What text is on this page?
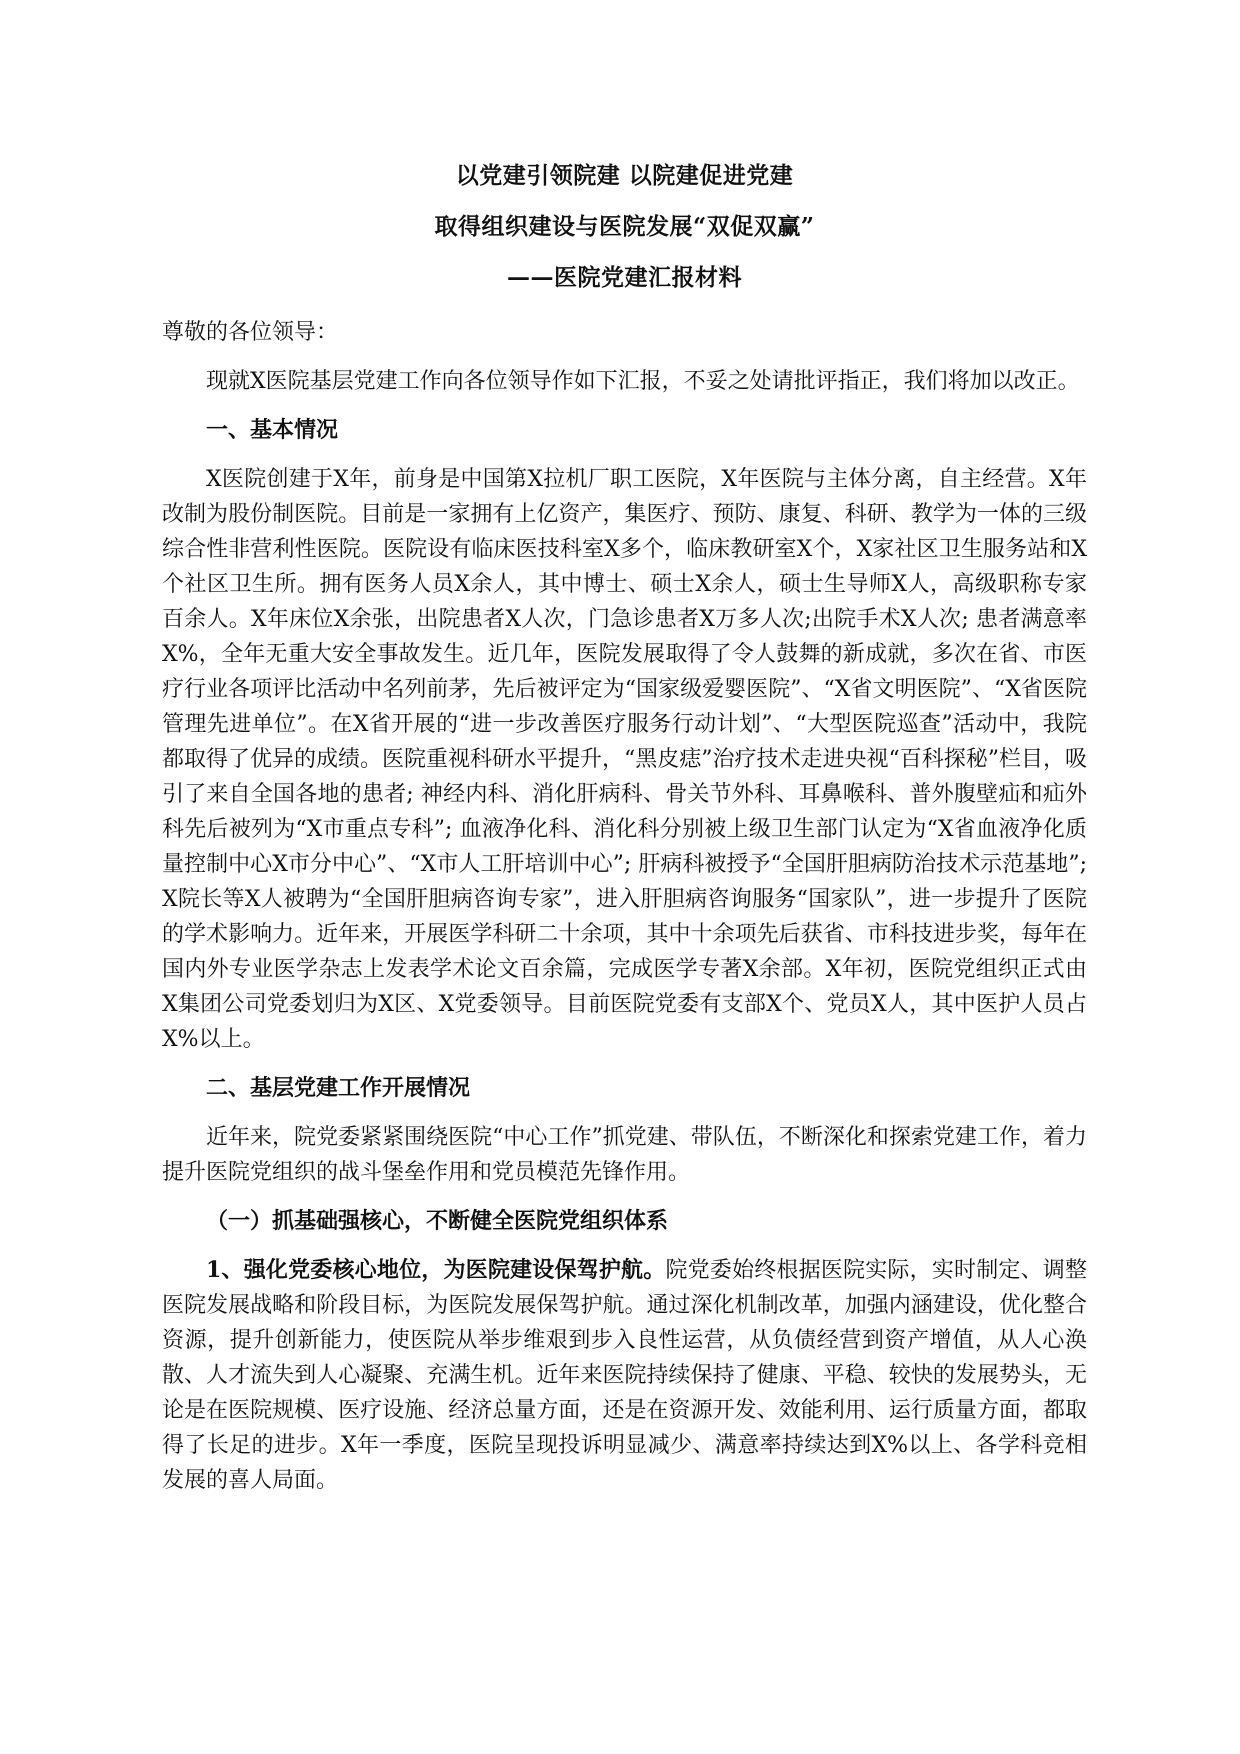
以党建引领院建 以院建促进党建
取得组织建设与医院发展“双促双赢”
——医院党建汇报材料

尊敬的各位领导：

现就X医院基层党建工作向各位领导作如下汇报，不妥之处请批评指正，我们将加以改正。

一、基本情况

X医院创建于X年，前身是中国第X拉机厂职工医院，X年医院与主体分离，自主经营。X年改制为股份制医院。目前是一家拥有上亿资产，集医疗、预防、康复、科研、教学为一体的三级综合性非营利性医院。医院设有临床医技科室X多个，临床教研室X个，X家社区卫生服务站和X个社区卫生所。拥有医务人员X余人，其中博士、硕士X余人，硕士生导师X人，高级职称专家百余人。X年床位X余张，出院患者X人次，门急诊患者X万多人次;出院手术X人次; 患者满意率X%，全年无重大安全事故发生。近几年，医院发展取得了令人鼓舞的新成就，多次在省、市医疗行业各项评比活动中名列前茅，先后被评定为“国家级爱婴医院”、“X省文明医院”、“X省医院管理先进单位”。在X省开展的“进一步改善医疗服务行动计划”、“大型医院巡查”活动中，我院都取得了优异的成绩。医院重视科研水平提升，“黑皮痣”治疗技术走进央视“百科探秘”栏目，吸引了来自全国各地的患者; 神经内科、消化肝病科、骨关节外科、耳鼻喉科、普外腹壁疝和疝外科先后被列为“X市重点专科”; 血液净化科、消化科分别被上级卫生部门认定为“X省血液净化质量控制中心X市分中心”、“X市人工肝培训中心”; 肝病科被授予“全国肝胆病防治技术示范基地”; X院长等X人被聘为“全国肝胆病咨询专家”，进入肝胆病咨询服务“国家队”，进一步提升了医院的学术影响力。近年来，开展医学科研二十余项，其中十余项先后获省、市科技进步奖，每年在国内外专业医学杂志上发表学术论文百余篇，完成医学专著X余部。X年初，医院党组织正式由X集团公司党委划归为X区、X党委领导。目前医院党委有支部X个、党员X人，其中医护人员占X%以上。

二、基层党建工作开展情况

近年来，院党委紧紧围绕医院“中心工作”抓党建、带队伍，不断深化和探索党建工作，着力提升医院党组织的战斗堡垒作用和党员模范先锋作用。

（一）抓基础强核心，不断健全医院党组织体系

1、强化党委核心地位，为医院建设保驾护航。院党委始终根据医院实际，实时制定、调整医院发展战略和阶段目标，为医院发展保驾护航。通过深化机制改革，加强内涵建设，优化整合资源，提升创新能力，使医院从举步维艰到步入良性运营，从负债经营到资产增值，从人心涣散、人才流失到人心凝聚、充满生机。近年来医院持续保持了健康、平稳、较快的发展势头，无论是在医院规模、医疗设施、经济总量方面，还是在资源开发、效能利用、运行质量方面，都取得了长足的进步。X年一季度，医院呈现投诉明显减少、满意率持续达到X%以上、各学科竞相发展的喜人局面。
